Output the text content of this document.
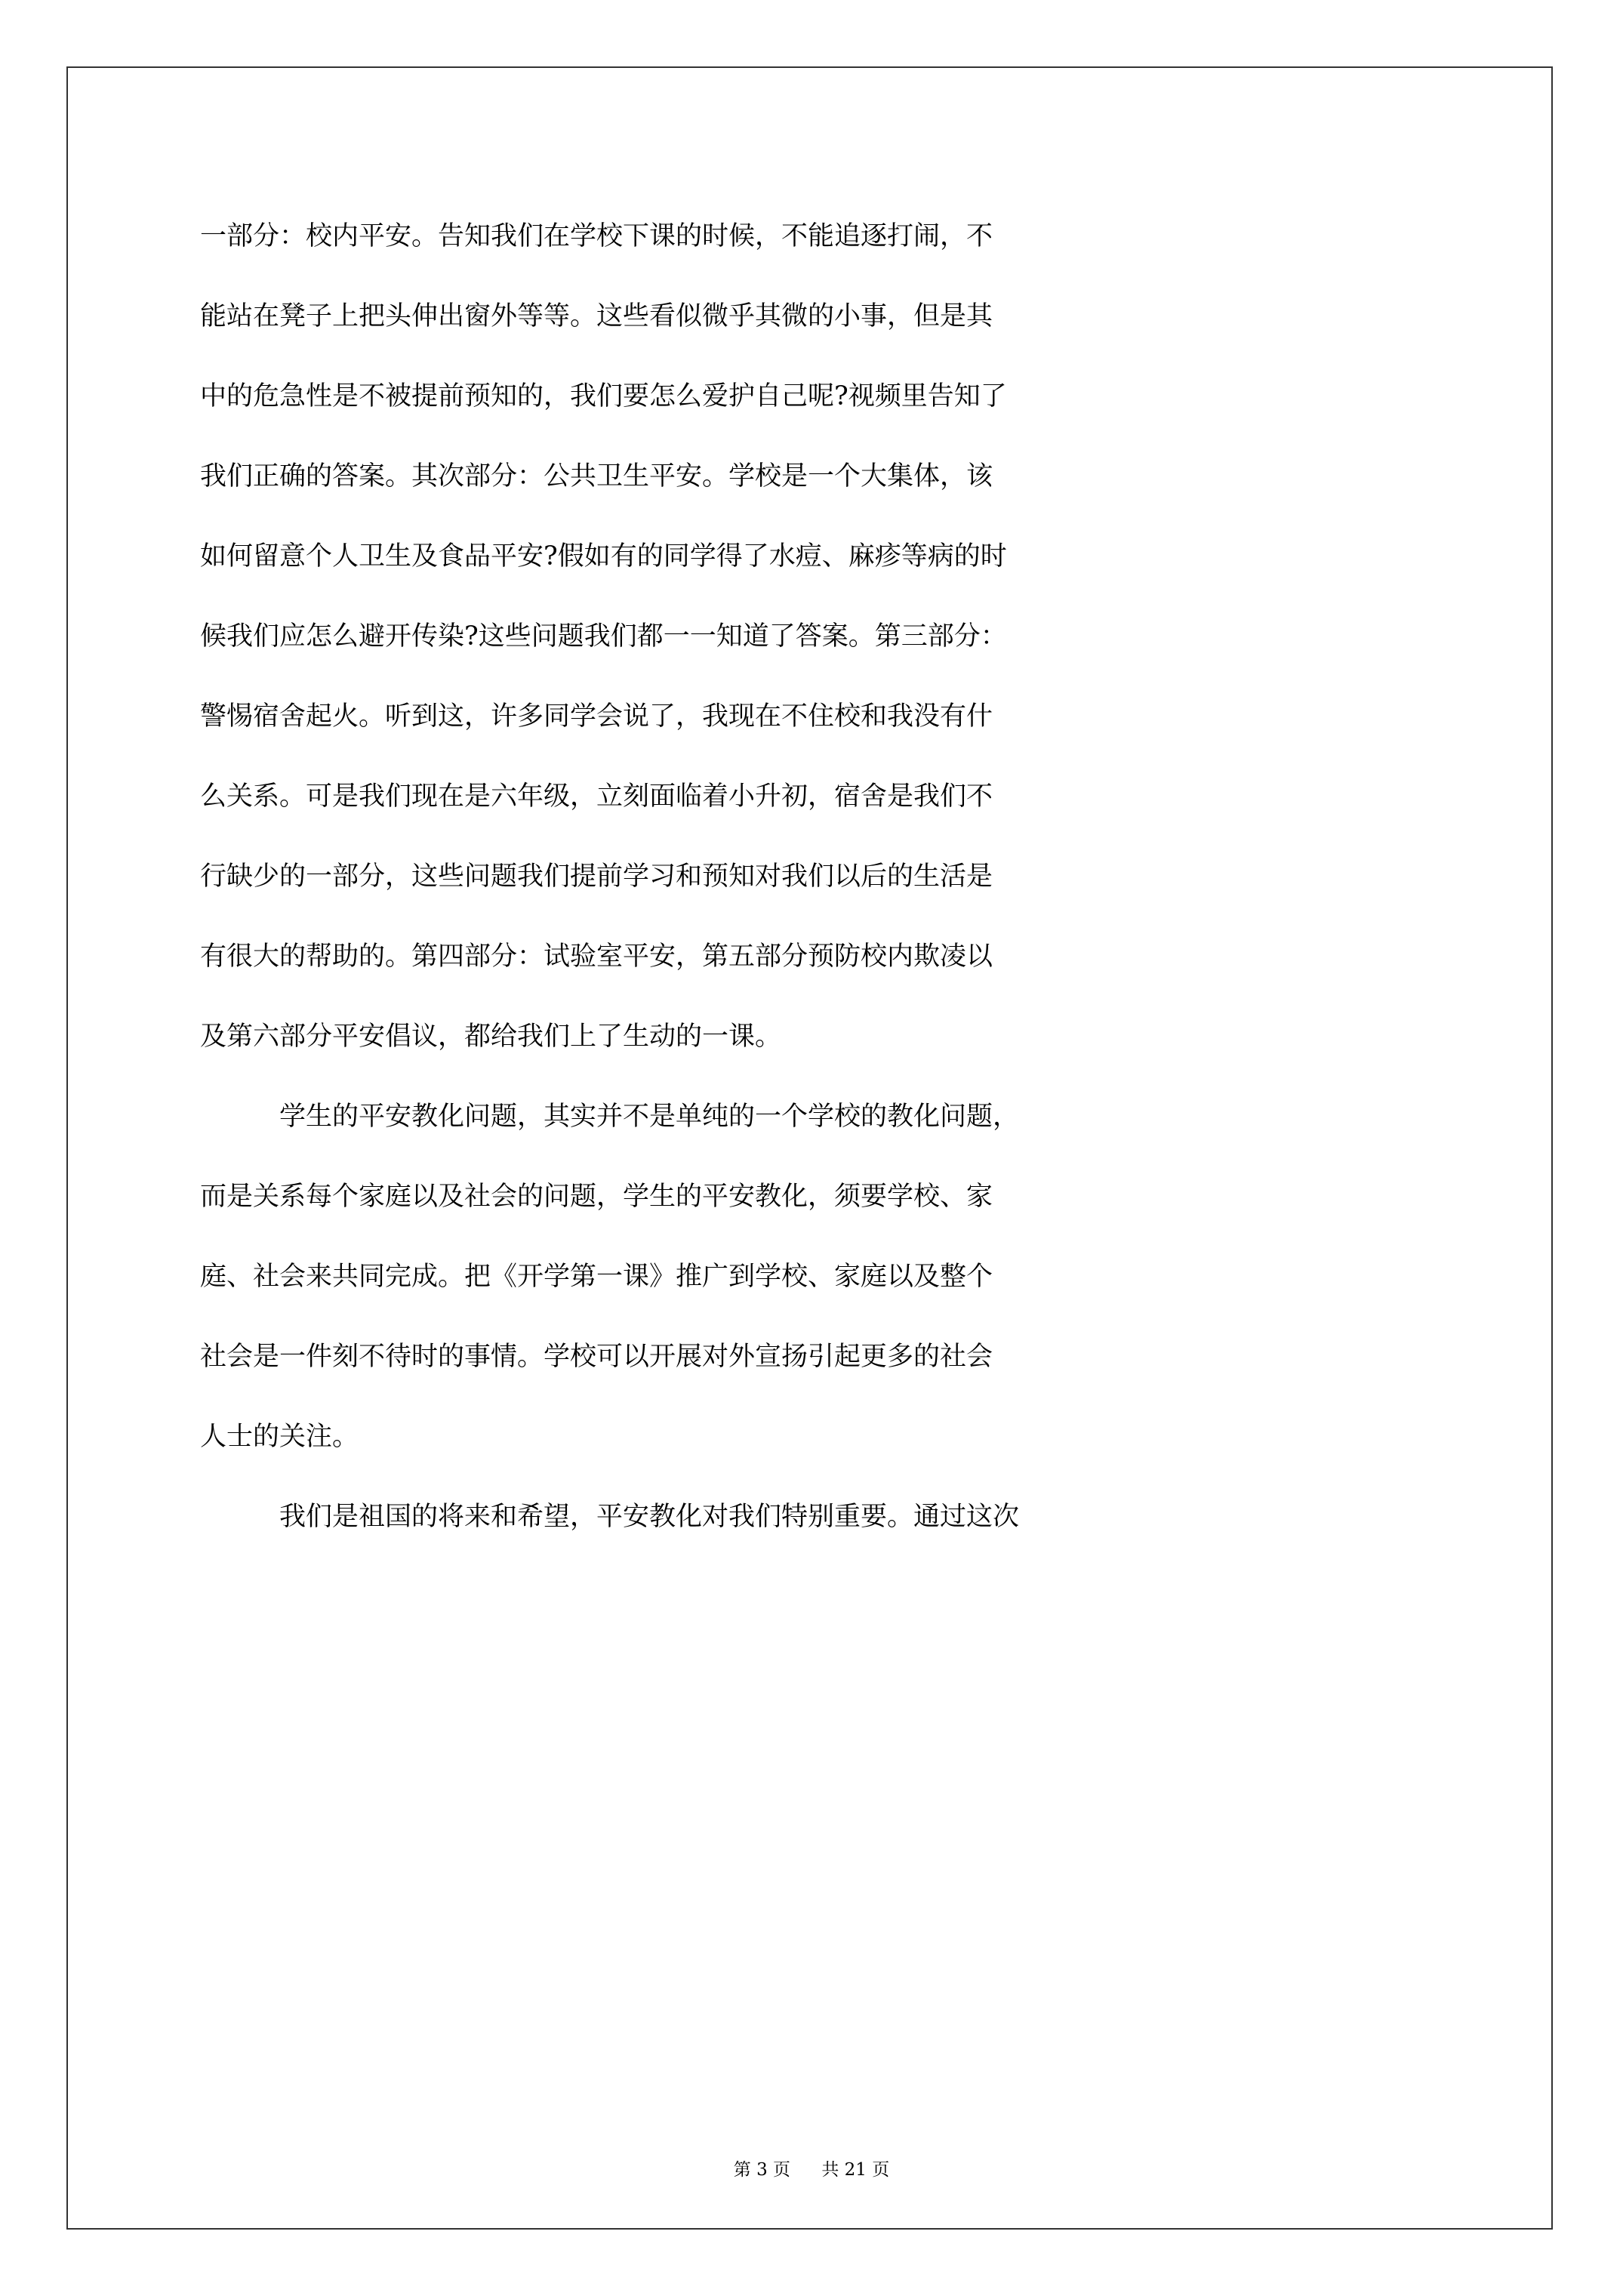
一部分：校内平安。告知我们在学校下课的时候，不能追逐打闹，不
能站在凳子上把头伸出窗外等等。这些看似微乎其微的小事，但是其
中的危急性是不被提前预知的，我们要怎么爱护自己呢?视频里告知了
我们正确的答案。其次部分：公共卫生平安。学校是一个大集体，该
如何留意个人卫生及食品平安?假如有的同学得了水痘、麻疹等病的时
候我们应怎么避开传染?这些问题我们都一一知道了答案。第三部分：
警惕宿舍起火。听到这，许多同学会说了，我现在不住校和我没有什
么关系。可是我们现在是六年级，立刻面临着小升初，宿舍是我们不
行缺少的一部分，这些问题我们提前学习和预知对我们以后的生活是
有很大的帮助的。第四部分：试验室平安，第五部分预防校内欺凌以
及第六部分平安倡议，都给我们上了生动的一课。
学生的平安教化问题，其实并不是单纯的一个学校的教化问题，
而是关系每个家庭以及社会的问题，学生的平安教化，须要学校、家
庭、社会来共同完成。把《开学第一课》推广到学校、家庭以及整个
社会是一件刻不待时的事情。学校可以开展对外宣扬引起更多的社会
人士的关注。
我们是祖国的将来和希望，平安教化对我们特别重要。通过这次
第 3 页 共 21 页
